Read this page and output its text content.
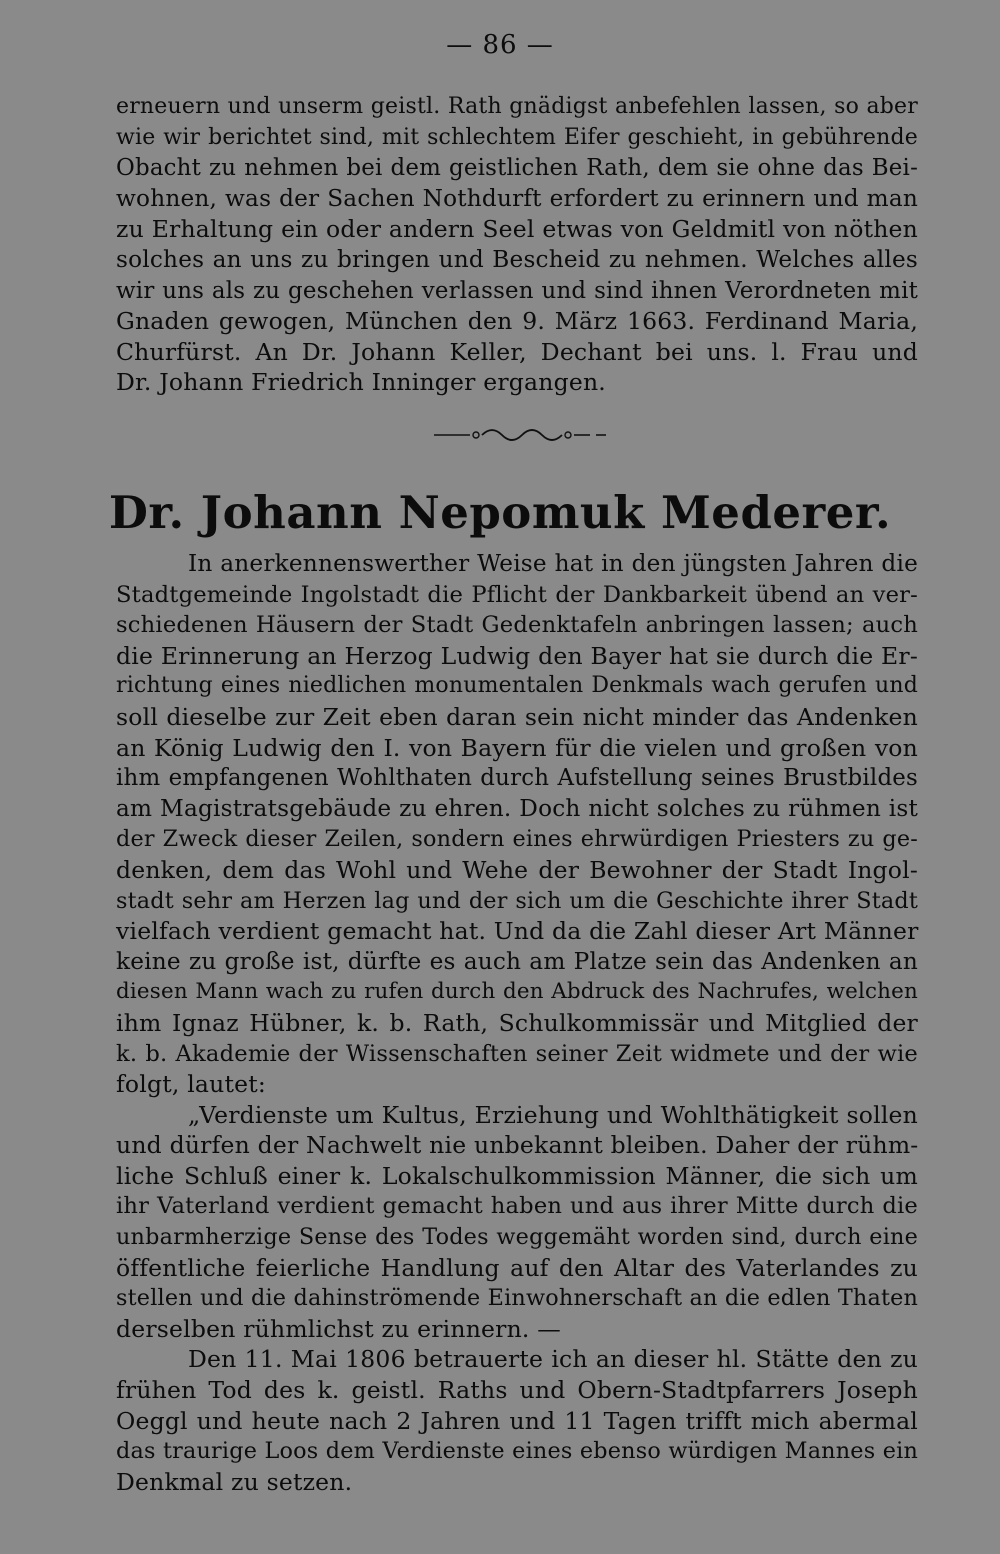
— 86 —
erneuern und unserm geistl. Rath gnädigst anbefehlen lassen, so aber
wie wir berichtet sind, mit schlechtem Eifer geschieht, in gebührende
Obacht zu nehmen bei dem geistlichen Rath, dem sie ohne das Bei-
wohnen, was der Sachen Nothdurft erfordert zu erinnern und man
zu Erhaltung ein oder andern Seel etwas von Geldmitl von nöthen
solches an uns zu bringen und Bescheid zu nehmen. Welches alles
wir uns als zu geschehen verlassen und sind ihnen Verordneten mit
Gnaden gewogen, München den 9. März 1663. Ferdinand Maria,
Churfürst. An Dr. Johann Keller, Dechant bei uns. l. Frau und
Dr. Johann Friedrich Inninger ergangen.
Dr. Johann Nepomuk Mederer.
In anerkennenswerther Weise hat in den jüngsten Jahren die
Stadtgemeinde Ingolstadt die Pflicht der Dankbarkeit übend an ver-
schiedenen Häusern der Stadt Gedenktafeln anbringen lassen; auch
die Erinnerung an Herzog Ludwig den Bayer hat sie durch die Er-
richtung eines niedlichen monumentalen Denkmals wach gerufen und
soll dieselbe zur Zeit eben daran sein nicht minder das Andenken
an König Ludwig den I. von Bayern für die vielen und großen von
ihm empfangenen Wohlthaten durch Aufstellung seines Brustbildes
am Magistratsgebäude zu ehren. Doch nicht solches zu rühmen ist
der Zweck dieser Zeilen, sondern eines ehrwürdigen Priesters zu ge-
denken, dem das Wohl und Wehe der Bewohner der Stadt Ingol-
stadt sehr am Herzen lag und der sich um die Geschichte ihrer Stadt
vielfach verdient gemacht hat. Und da die Zahl dieser Art Männer
keine zu große ist, dürfte es auch am Platze sein das Andenken an
diesen Mann wach zu rufen durch den Abdruck des Nachrufes, welchen
ihm Ignaz Hübner, k. b. Rath, Schulkommissär und Mitglied der
k. b. Akademie der Wissenschaften seiner Zeit widmete und der wie
folgt, lautet:
„Verdienste um Kultus, Erziehung und Wohlthätigkeit sollen
und dürfen der Nachwelt nie unbekannt bleiben. Daher der rühm-
liche Schluß einer k. Lokalschulkommission Männer, die sich um
ihr Vaterland verdient gemacht haben und aus ihrer Mitte durch die
unbarmherzige Sense des Todes weggemäht worden sind, durch eine
öffentliche feierliche Handlung auf den Altar des Vaterlandes zu
stellen und die dahinströmende Einwohnerschaft an die edlen Thaten
derselben rühmlichst zu erinnern. —
Den 11. Mai 1806 betrauerte ich an dieser hl. Stätte den zu
frühen Tod des k. geistl. Raths und Obern-Stadtpfarrers Joseph
Oeggl und heute nach 2 Jahren und 11 Tagen trifft mich abermal
das traurige Loos dem Verdienste eines ebenso würdigen Mannes ein
Denkmal zu setzen.
